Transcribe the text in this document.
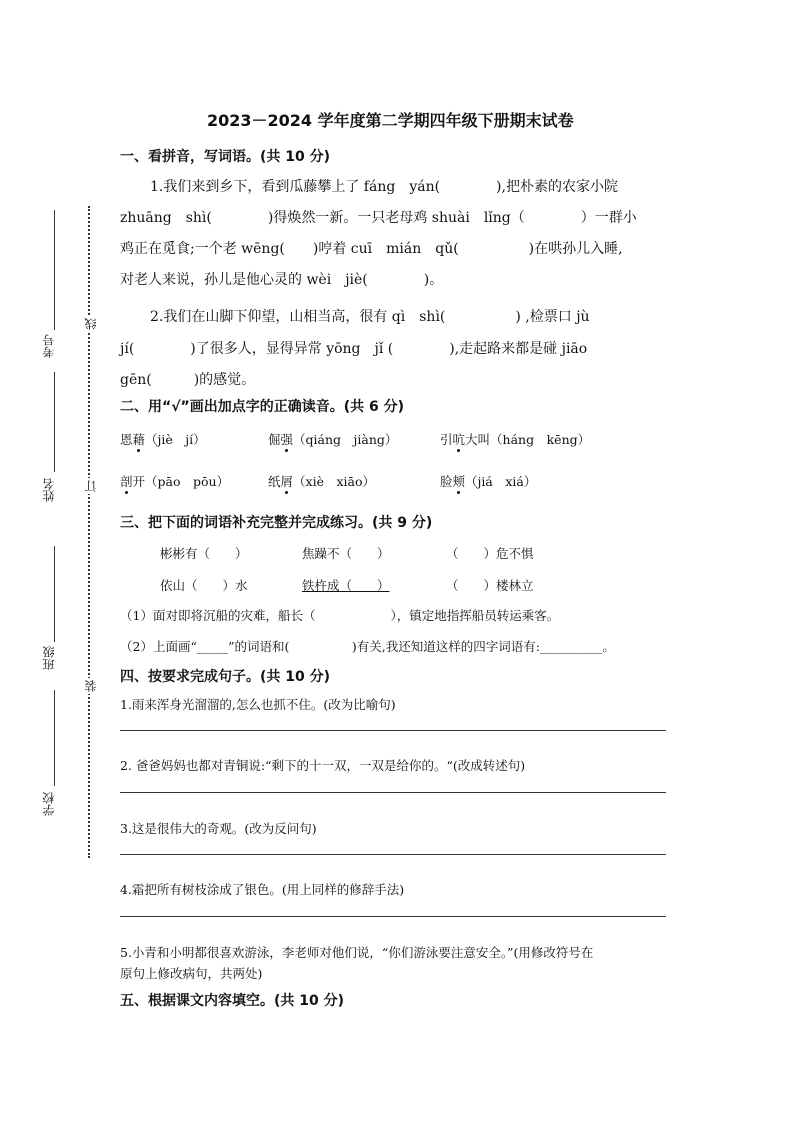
考号
姓名
班级
学校
线
订
装
2023－2024 学年度第二学期四年级下册期末试卷
一、看拼音，写词语。(共 10 分)
1.我们来到乡下，看到瓜藤攀上了 fáng　yán(　　　　),把朴素的农家小院
zhuāng　shì(　　　　)得焕然一新。一只老母鸡 shuài　lǐng（　　　　）一群小
鸡正在觅食;一个老 wēng(　　)哼着 cuī　mián　qǔ(　　　　　)在哄孙儿入睡,
对老人来说，孙儿是他心灵的 wèi　jiè(　　　　)。
2.我们在山脚下仰望，山相当高，很有 qì　shì(　　　　　) ,检票口 jù
jí(　　　　)了很多人，显得异常 yōng　jǐ (　　　　),走起路来都是碰 jiāo
gēn(　　　)的感觉。
二、用“√”画出加点字的正确读音。(共 6 分)
恩藉（jiè　jí）	倔强（qiáng　jiàng）	引吭大叫（háng　kēng）
剖开（pāo　pōu）	纸屑（xiè　xiāo）	脸颊（jiá　xiá）
三、把下面的词语补充完整并完成练习。(共 9 分)
彬彬有（　　）	焦躁不（　　）	（　　）危不惧
依山（　　）水	铁杵成（　　）	（　　）楼林立
（1）面对即将沉船的灾难，船长（　　　　　　），镇定地指挥船员转运乘客。
（2）上面画“_____”的词语和(　　　　　)有关,我还知道这样的四字词语有:__________。
四、按要求完成句子。(共 10 分)
1.雨来浑身光溜溜的,怎么也抓不住。(改为比喻句)
2. 爸爸妈妈也都对青铜说:“剩下的十一双，一双是给你的。“(改成转述句)
3.这是很伟大的奇观。(改为反问句)
4.霜把所有树枝涂成了银色。(用上同样的修辞手法)
5.小青和小明都很喜欢游泳，李老师对他们说，“你们游泳要注意安全。”(用修改符号在
原句上修改病句，共两处)
五、根据课文内容填空。(共 10 分)
